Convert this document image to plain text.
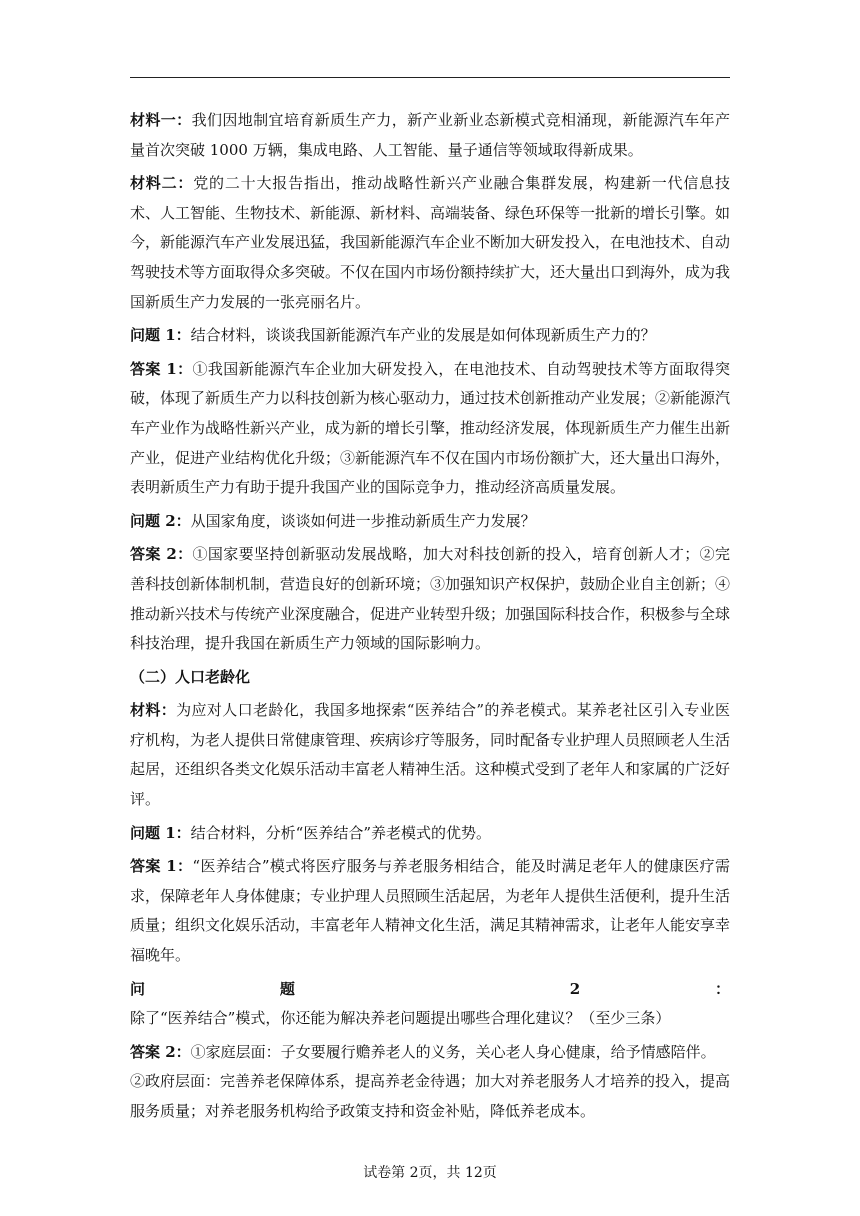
材料一：我们因地制宜培育新质生产力，新产业新业态新模式竞相涌现，新能源汽车年产量首次突破 1000 万辆，集成电路、人工智能、量子通信等领域取得新成果。

材料二：党的二十大报告指出，推动战略性新兴产业融合集群发展，构建新一代信息技术、人工智能、生物技术、新能源、新材料、高端装备、绿色环保等一批新的增长引擎。如今，新能源汽车产业发展迅猛，我国新能源汽车企业不断加大研发投入，在电池技术、自动驾驶技术等方面取得众多突破。不仅在国内市场份额持续扩大，还大量出口到海外，成为我国新质生产力发展的一张亮丽名片。

问题 1：结合材料，谈谈我国新能源汽车产业的发展是如何体现新质生产力的？

答案 1：①我国新能源汽车企业加大研发投入，在电池技术、自动驾驶技术等方面取得突破，体现了新质生产力以科技创新为核心驱动力，通过技术创新推动产业发展；②新能源汽车产业作为战略性新兴产业，成为新的增长引擎，推动经济发展，体现新质生产力催生出新产业，促进产业结构优化升级；③新能源汽车不仅在国内市场份额扩大，还大量出口海外，表明新质生产力有助于提升我国产业的国际竞争力，推动经济高质量发展。

问题 2：从国家角度，谈谈如何进一步推动新质生产力发展？

答案 2：①国家要坚持创新驱动发展战略，加大对科技创新的投入，培育创新人才；②完善科技创新体制机制，营造良好的创新环境；③加强知识产权保护，鼓励企业自主创新；④推动新兴技术与传统产业深度融合，促进产业转型升级；加强国际科技合作，积极参与全球科技治理，提升我国在新质生产力领域的国际影响力。

（二）人口老龄化

材料：为应对人口老龄化，我国多地探索“医养结合”的养老模式。某养老社区引入专业医疗机构，为老人提供日常健康管理、疾病诊疗等服务，同时配备专业护理人员照顾老人生活起居，还组织各类文化娱乐活动丰富老人精神生活。这种模式受到了老年人和家属的广泛好评。

问题 1：结合材料，分析“医养结合”养老模式的优势。

答案 1：“医养结合”模式将医疗服务与养老服务相结合，能及时满足老年人的健康医疗需求，保障老年人身体健康；专业护理人员照顾生活起居，为老年人提供生活便利，提升生活质量；组织文化娱乐活动，丰富老年人精神文化生活，满足其精神需求，让老年人能安享幸福晚年。

问题 2：除了“医养结合”模式，你还能为解决养老问题提出哪些合理化建议？（至少三条）

答案 2：①家庭层面：子女要履行赡养老人的义务，关心老人身心健康，给予情感陪伴。

②政府层面：完善养老保障体系，提高养老金待遇；加大对养老服务人才培养的投入，提高服务质量；对养老服务机构给予政策支持和资金补贴，降低养老成本。

试卷第 2页，共 12页
